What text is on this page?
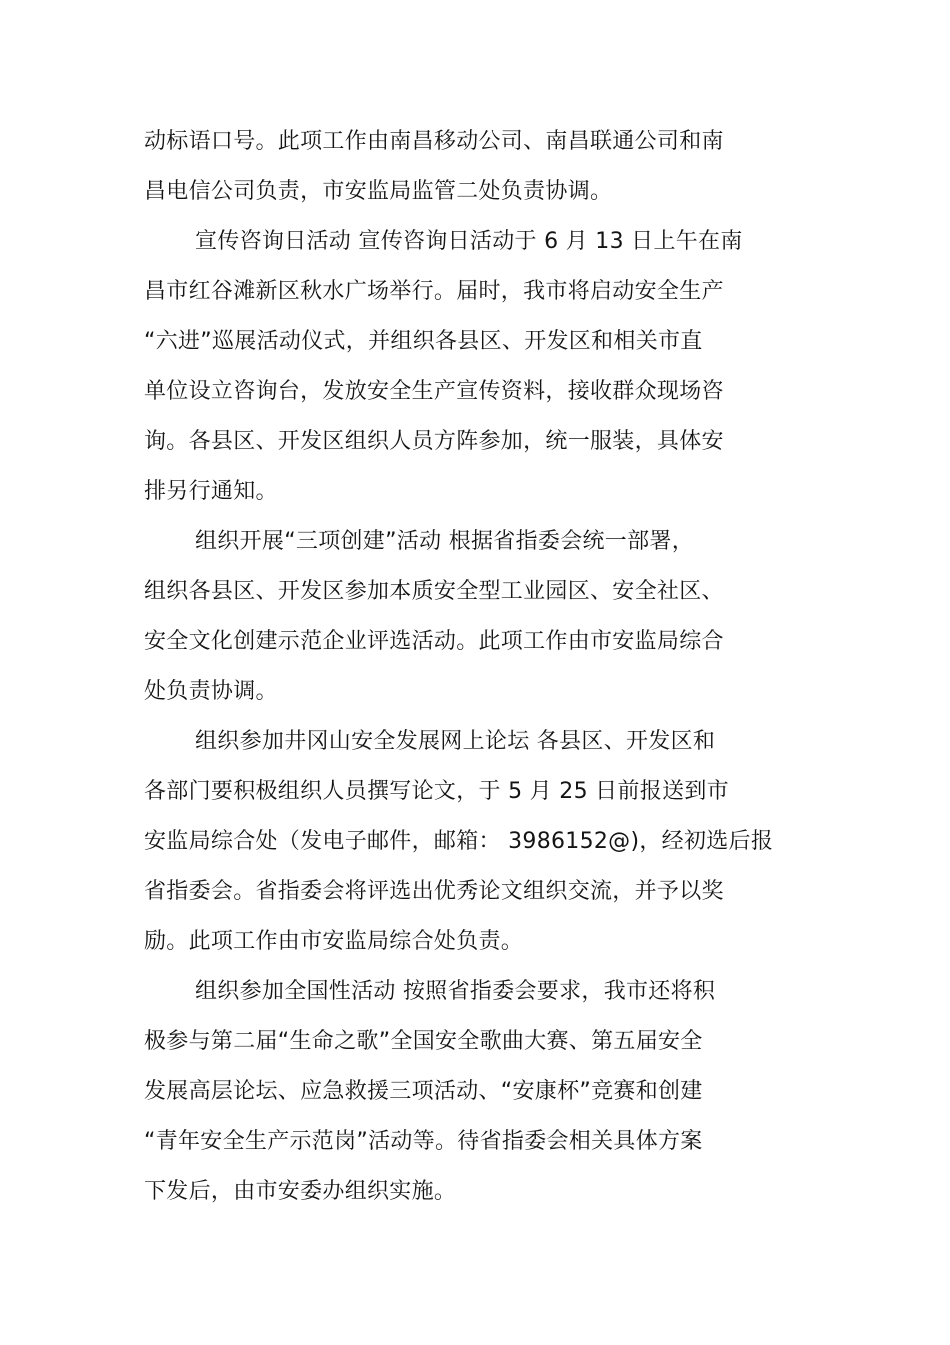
动标语口号。此项工作由南昌移动公司、南昌联通公司和南
昌电信公司负责，市安监局监管二处负责协调。
宣传咨询日活动 宣传咨询日活动于 6 月 13 日上午在南
昌市红谷滩新区秋水广场举行。届时，我市将启动安全生产
“六进”巡展活动仪式，并组织各县区、开发区和相关市直
单位设立咨询台，发放安全生产宣传资料，接收群众现场咨
询。各县区、开发区组织人员方阵参加，统一服装，具体安
排另行通知。
组织开展“三项创建”活动 根据省指委会统一部署，
组织各县区、开发区参加本质安全型工业园区、安全社区、
安全文化创建示范企业评选活动。此项工作由市安监局综合
处负责协调。
组织参加井冈山安全发展网上论坛 各县区、开发区和
各部门要积极组织人员撰写论文，于 5 月 25 日前报送到市
安监局综合处（发电子邮件，邮箱： 3986152@)，经初选后报
省指委会。省指委会将评选出优秀论文组织交流，并予以奖
励。此项工作由市安监局综合处负责。
组织参加全国性活动 按照省指委会要求，我市还将积
极参与第二届“生命之歌”全国安全歌曲大赛、第五届安全
发展高层论坛、应急救援三项活动、“安康杯”竞赛和创建
“青年安全生产示范岗”活动等。待省指委会相关具体方案
下发后，由市安委办组织实施。
